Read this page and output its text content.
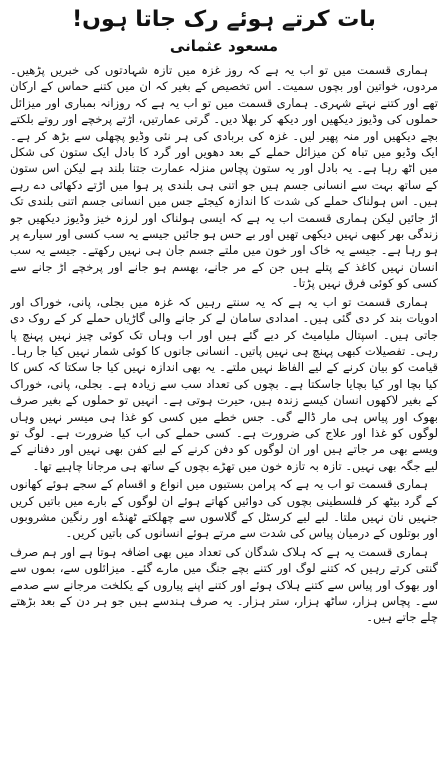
بات کرتے ہوئے رک جاتا ہوں!
مسعود عثمانی

ہماری قسمت میں تو اب یہ ہے کہ روز غزہ میں تازہ شہادتوں کی خبریں پڑھیں۔ مردوں، خواتین اور بچوں سمیت۔ اس تخصیص کے بغیر کہ ان میں کتنے حماس کے ارکان تھے اور کتنے نہتے شہری۔ ہماری قسمت میں تو اب یہ ہے کہ روزانہ بمباری اور میزائل حملوں کی وڈیوز دیکھیں اور دیکھ کر بھلا دیں۔ گرتی عمارتیں، اڑتے پرخچے اور روتے بلکتے بچے دیکھیں اور منہ پھیر لیں۔ غزہ کی بربادی کی ہر نئی وڈیو پچھلی سے بڑھ کر ہے۔ ایک وڈیو میں تباہ کن میزائل حملے کے بعد دھویں اور گرد کا بادل ایک ستون کی شکل میں اٹھ رہا ہے۔ یہ بادل اور یہ ستون پچاس منزلہ عمارت جتنا بلند ہے لیکن اس ستون کے ساتھ بہت سے انسانی جسم ہیں جو اتنی ہی بلندی پر ہوا میں اڑتے دکھائی دے رہے ہیں۔ اس ہولناک حملے کی شدت کا اندازہ کیجئے جس میں انسانی جسم اتنی بلندی تک اڑ جائیں لیکن ہماری قسمت اب یہ ہے کہ ایسی ہولناک اور لرزہ خیز وڈیوز دیکھیں جو زندگی بھر کبھی نہیں دیکھی تھیں اور بے حس ہو جائیں جیسے یہ سب کسی اور سیارے پر ہو رہا ہے۔ جیسے یہ خاک اور خون میں ملتے جسم جان ہی نہیں رکھتے۔ جیسے یہ سب انسان نہیں کاغذ کے پتلے ہیں جن کے مر جانے، بھسم ہو جانے اور پرخچے اڑ جانے سے کسی کو کوئی فرق نہیں پڑتا۔

ہماری قسمت تو اب یہ ہے کہ یہ سنتے رہیں کہ غزہ میں بجلی، پانی، خوراک اور ادویات بند کر دی گئی ہیں۔ امدادی سامان لے کر جانے والی گاڑیاں حملے کر کے روک دی جاتی ہیں۔ اسپتال ملیامیٹ کر دیے گئے ہیں اور اب وہاں تک کوئی چیز نہیں پہنچ پا رہی۔ تفصیلات کبھی پہنچ ہی نہیں پاتیں۔ انسانی جانوں کا کوئی شمار نہیں کیا جا رہا۔ قیامت کو بیان کرنے کے لیے الفاظ نہیں ملتے۔ یہ بھی اندازہ نہیں کیا جا سکتا کہ کس کا کیا بچا اور کیا بچایا جاسکتا ہے۔ بچوں کی تعداد سب سے زیادہ ہے۔ بجلی، پانی، خوراک کے بغیر لاکھوں انسان کیسے زندہ ہیں، حیرت ہوتی ہے۔ انہیں تو حملوں کے بغیر صرف بھوک اور پیاس ہی مار ڈالے گی۔ جس خطے میں کسی کو غذا ہی میسر نہیں وہاں لوگوں کو غذا اور علاج کی ضرورت ہے۔ کسی حملے کی اب کیا ضرورت ہے۔ لوگ تو ویسے بھی مر جاتے ہیں اور ان لوگوں کو دفن کرنے کے لیے کفن بھی نہیں اور دفنانے کے لیے جگہ بھی نہیں۔ تازہ بہ تازہ خون میں تھڑے بچوں کے ساتھ ہی مرجانا چاہیے تھا۔

ہماری قسمت تو اب یہ ہے کہ پرامن بستیوں میں انواع و اقسام کے سجے ہوئے کھانوں کے گرد بیٹھ کر فلسطینی بچوں کی دوائیں کھاتے ہوئے ان لوگوں کے بارے میں باتیں کریں جنہیں نان نہیں ملتا۔ لبے لیے کرسٹل کے گلاسوں سے چھلکتے ٹھنڈے اور رنگین مشروبوں اور بوتلوں کے درمیان پیاس کی شدت سے مرتے ہوئے انسانوں کی باتیں کریں۔

ہماری قسمت یہ ہے کہ ہلاک شدگان کی تعداد میں بھی اضافہ ہوتا ہے اور ہم صرف گنتی کرتے رہیں کہ کتنے لوگ اور کتنے بچے جنگ میں مارے گئے۔ میزائلوں سے، بموں سے اور بھوک اور پیاس سے کتنے ہلاک ہوئے اور کتنے اپنے پیاروں کے یکلخت مرجانے سے صدمے سے۔ پچاس ہزار، ساٹھ ہزار، ستر ہزار۔ یہ صرف ہندسے ہیں جو ہر دن کے بعد بڑھتے چلے جاتے ہیں۔
